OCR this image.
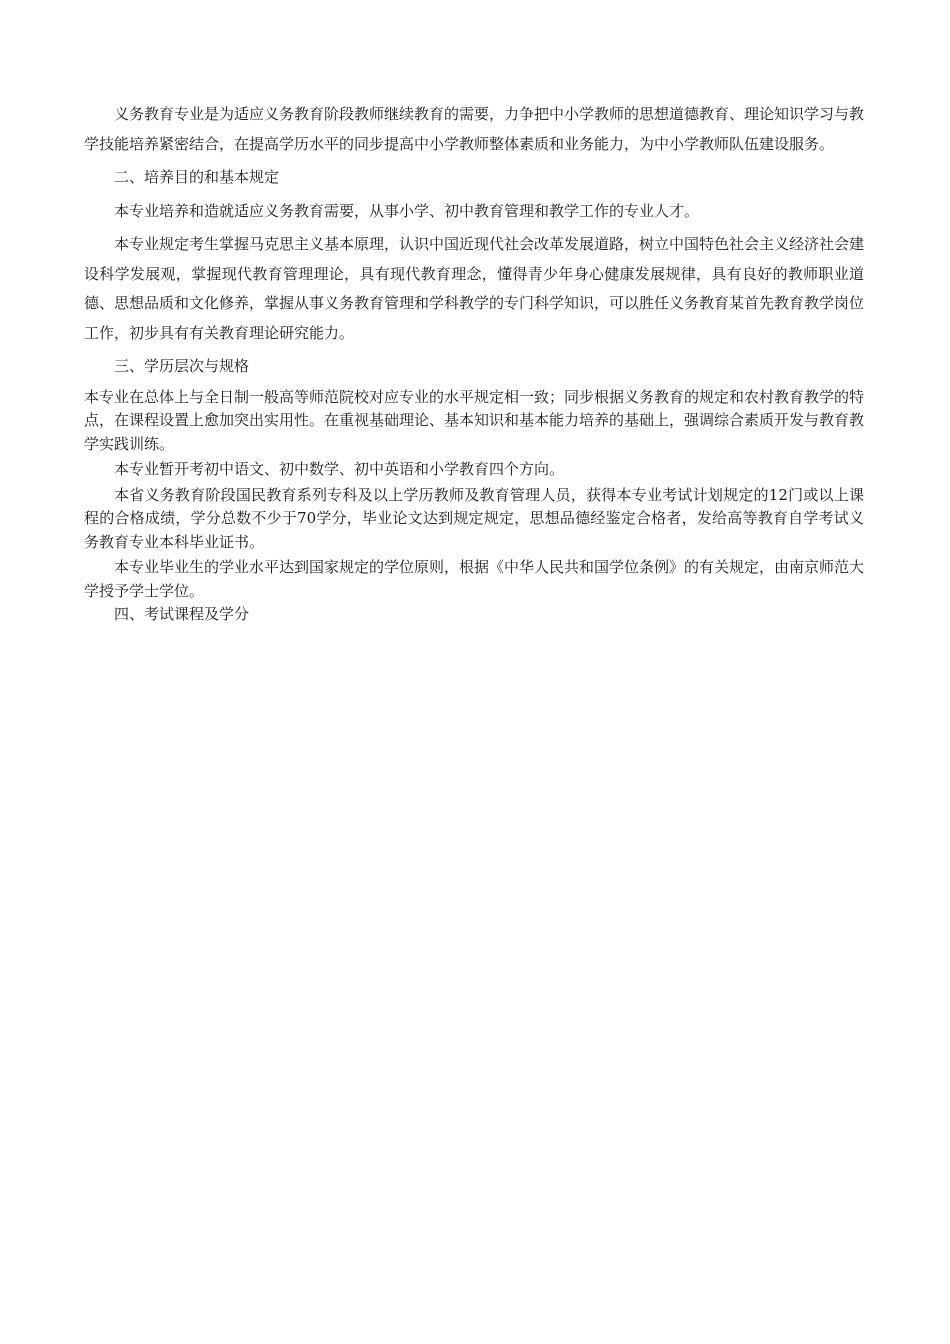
义务教育专业是为适应义务教育阶段教师继续教育的需要，力争把中小学教师的思想道德教育、理论知识学习与教学技能培养紧密结合，在提高学历水平的同步提高中小学教师整体素质和业务能力，为中小学教师队伍建设服务。

二、培养目的和基本规定

本专业培养和造就适应义务教育需要，从事小学、初中教育管理和教学工作的专业人才。

本专业规定考生掌握马克思主义基本原理，认识中国近现代社会改革发展道路，树立中国特色社会主义经济社会建设科学发展观，掌握现代教育管理理论，具有现代教育理念，懂得青少年身心健康发展规律，具有良好的教师职业道德、思想品质和文化修养，掌握从事义务教育管理和学科教学的专门科学知识，可以胜任义务教育某首先教育教学岗位工作，初步具有有关教育理论研究能力。

三、学历层次与规格

本专业在总体上与全日制一般高等师范院校对应专业的水平规定相一致；同步根据义务教育的规定和农村教育教学的特点，在课程设置上愈加突出实用性。在重视基础理论、基本知识和基本能力培养的基础上，强调综合素质开发与教育教学实践训练。

本专业暂开考初中语文、初中数学、初中英语和小学教育四个方向。

本省义务教育阶段国民教育系列专科及以上学历教师及教育管理人员，获得本专业考试计划规定的12门或以上课程的合格成绩，学分总数不少于70学分，毕业论文达到规定规定，思想品德经鉴定合格者，发给高等教育自学考试义务教育专业本科毕业证书。

本专业毕业生的学业水平达到国家规定的学位原则，根据《中华人民共和国学位条例》的有关规定，由南京师范大学授予学士学位。

四、考试课程及学分
